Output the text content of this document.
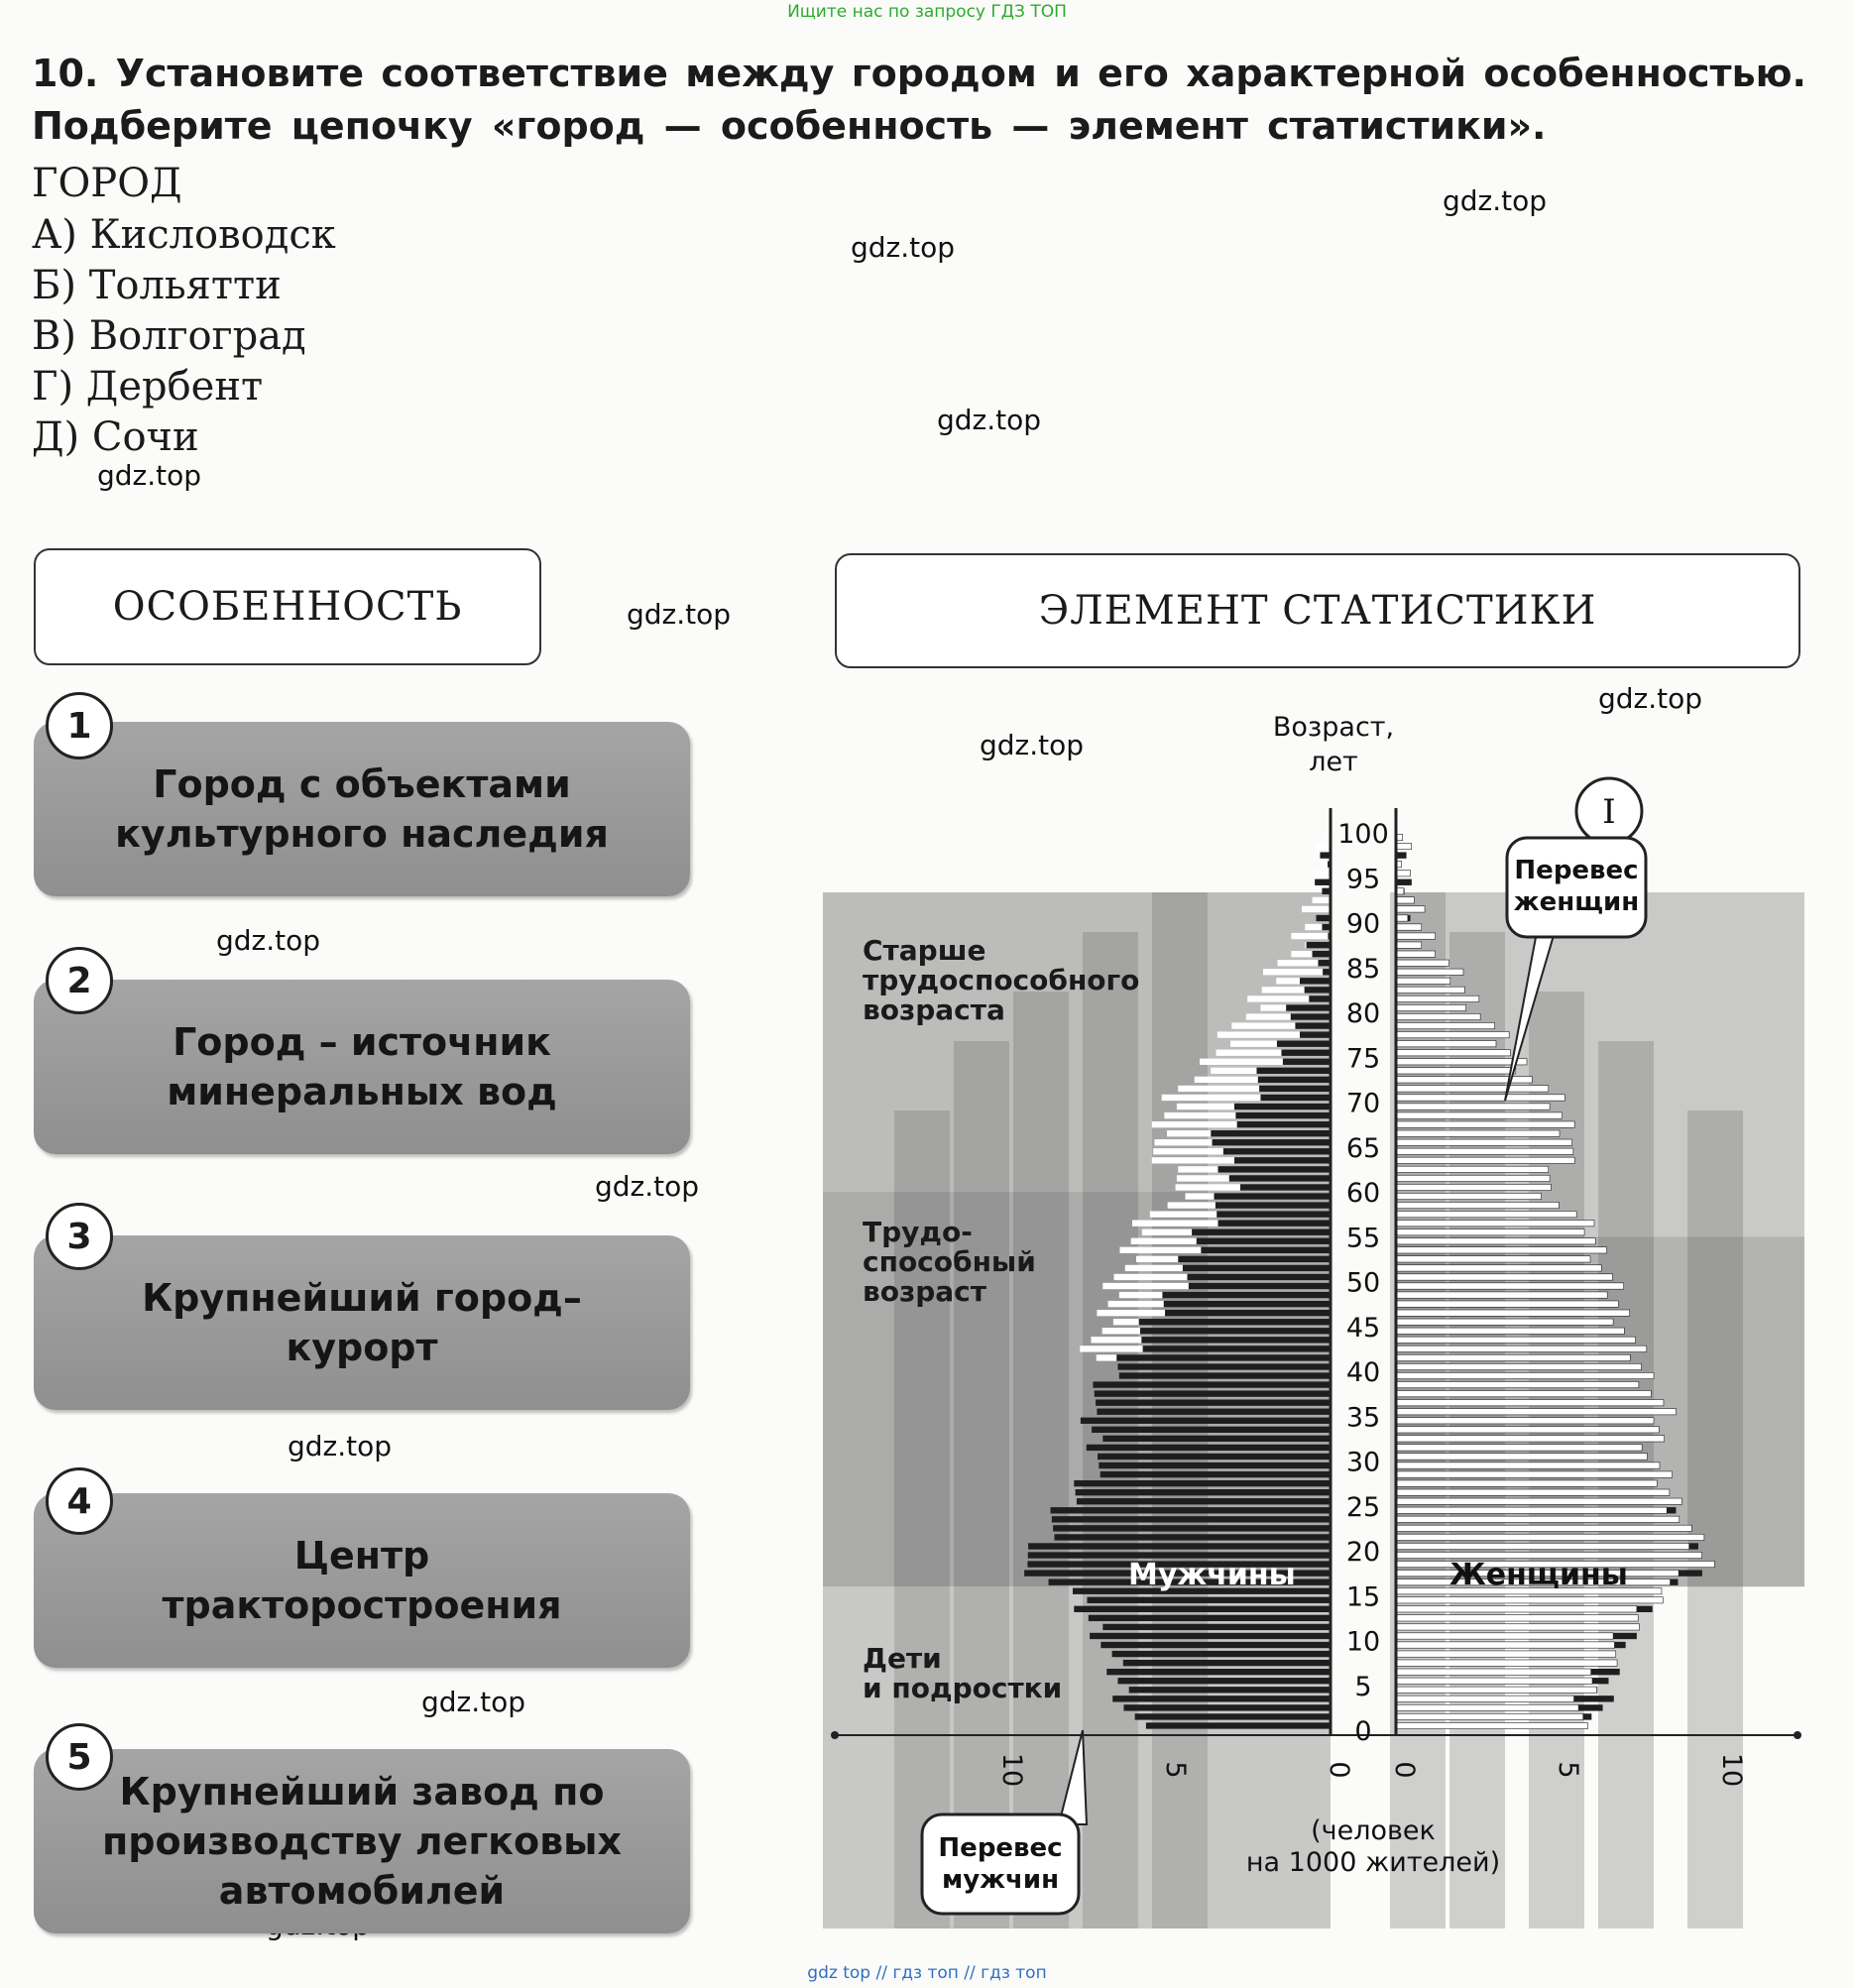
Ищите нас по запросу ГДЗ ТОП
10. Установите соответствие между городом и его характерной особенностью.
Подберите цепочку «город — особенность — элемент статистики».
ГОРОД
А) Кисловодск
Б) Тольятти
В) Волгоград
Г) Дербент
Д) Сочи
gdz.top
gdz.top
gdz.top
gdz.top
gdz.top
gdz.top
gdz.top
gdz.top
gdz.top
gdz.top
gdz.top
ОСОБЕННОСТЬ	ЭЛЕМЕНТ СТАТИСТИКИ
Город с объектами культурного наследия
1
Город – источник минеральных вод
2
Крупнейший город–курорт
3
Центр тракторостроения
4
Крупнейший завод по производству легковых автомобилей
5
0
5
10
15
20
25
30
35
40
45
50
55
60
65
70
75
80
85
90
95
100
10	5	0 0	5	10
Возраст,
лет
I
Старше трудоспособного возраста
Трудо-способный возраст
Дети и подростки
Мужчины	Женщины
Перевес
женщин
Перевес
мужчин
(человек
на 1000 жителей)
gdz top // гдз топ // гдз топ
